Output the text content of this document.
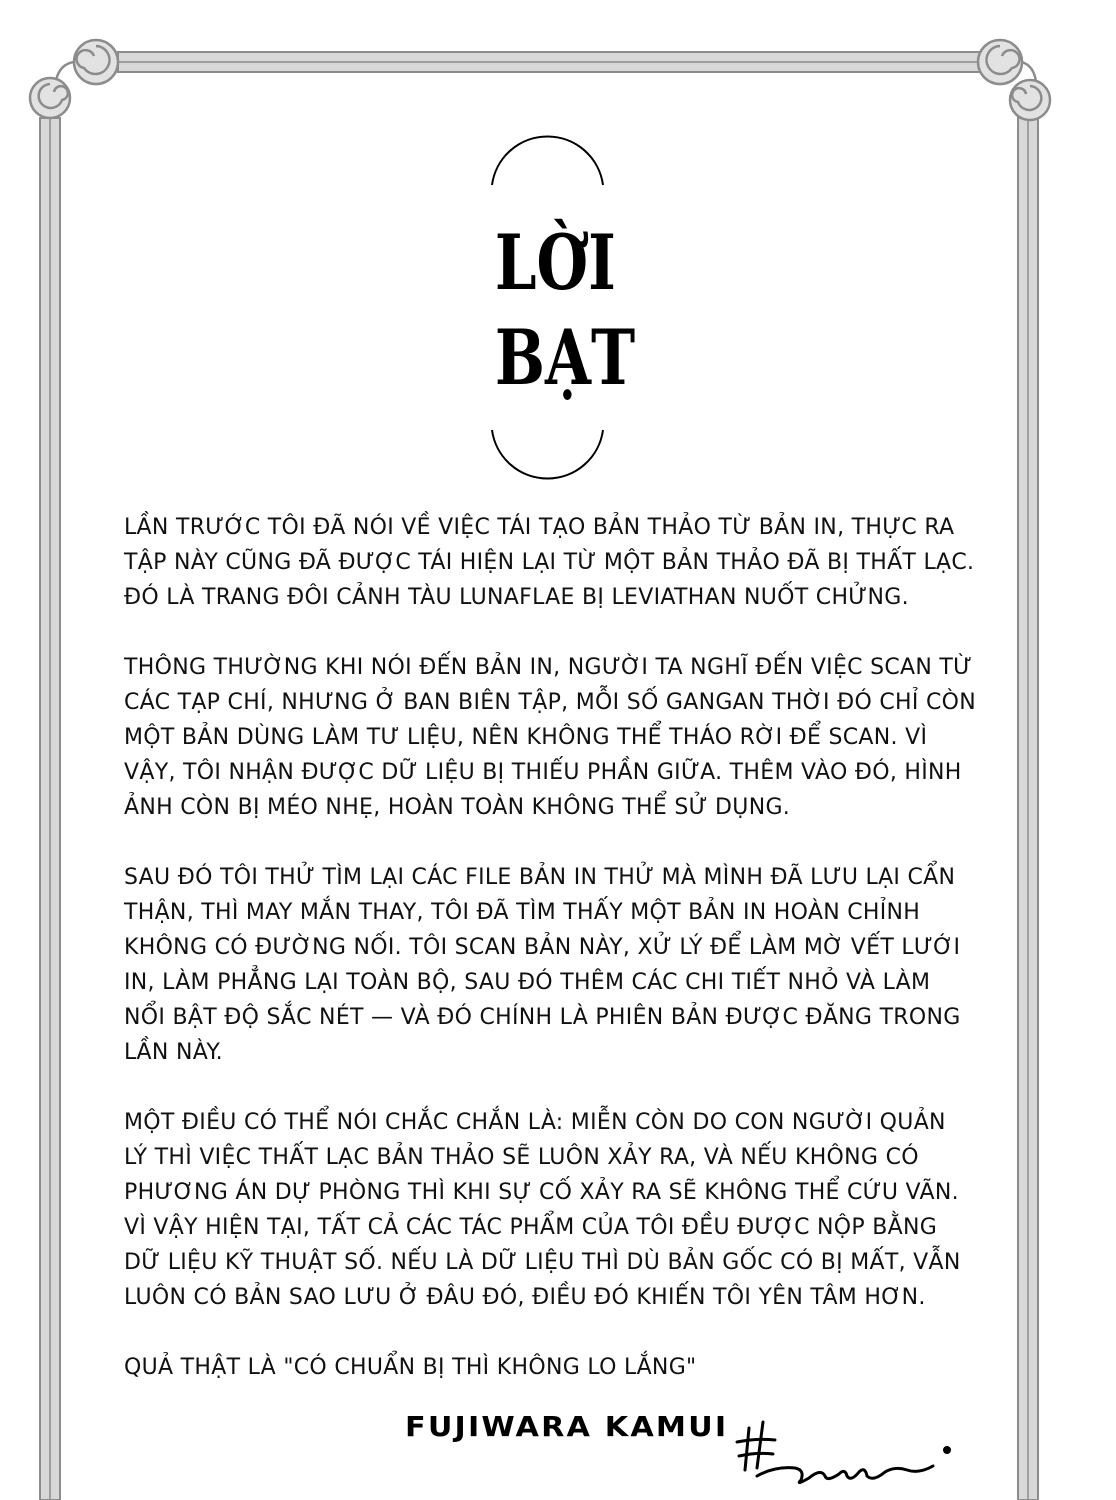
LỜI
BẠT
LẦN TRƯỚC TÔI ĐÃ NÓI VỀ VIỆC TÁI TẠO BẢN THẢO TỪ BẢN IN, THỰC RA
TẬP NÀY CŨNG ĐÃ ĐƯỢC TÁI HIỆN LẠI TỪ MỘT BẢN THẢO ĐÃ BỊ THẤT LẠC.
ĐÓ LÀ TRANG ĐÔI CẢNH TÀU LUNAFLAE BỊ LEVIATHAN NUỐT CHỬNG.
THÔNG THƯỜNG KHI NÓI ĐẾN BẢN IN, NGƯỜI TA NGHĨ ĐẾN VIỆC SCAN TỪ
CÁC TẠP CHÍ, NHƯNG Ở BAN BIÊN TẬP, MỖI SỐ GANGAN THỜI ĐÓ CHỈ CÒN
MỘT BẢN DÙNG LÀM TƯ LIỆU, NÊN KHÔNG THỂ THÁO RỜI ĐỂ SCAN. VÌ
VẬY, TÔI NHẬN ĐƯỢC DỮ LIỆU BỊ THIẾU PHẦN GIỮA. THÊM VÀO ĐÓ, HÌNH
ẢNH CÒN BỊ MÉO NHẸ, HOÀN TOÀN KHÔNG THỂ SỬ DỤNG.
SAU ĐÓ TÔI THỬ TÌM LẠI CÁC FILE BẢN IN THỬ MÀ MÌNH ĐÃ LƯU LẠI CẨN
THẬN, THÌ MAY MẮN THAY, TÔI ĐÃ TÌM THẤY MỘT BẢN IN HOÀN CHỈNH
KHÔNG CÓ ĐƯỜNG NỐI. TÔI SCAN BẢN NÀY, XỬ LÝ ĐỂ LÀM MỜ VẾT LƯỚI
IN, LÀM PHẲNG LẠI TOÀN BỘ, SAU ĐÓ THÊM CÁC CHI TIẾT NHỎ VÀ LÀM
NỔI BẬT ĐỘ SẮC NÉT — VÀ ĐÓ CHÍNH LÀ PHIÊN BẢN ĐƯỢC ĐĂNG TRONG
LẦN NÀY.
MỘT ĐIỀU CÓ THỂ NÓI CHẮC CHẮN LÀ: MIỄN CÒN DO CON NGƯỜI QUẢN
LÝ THÌ VIỆC THẤT LẠC BẢN THẢO SẼ LUÔN XẢY RA, VÀ NẾU KHÔNG CÓ
PHƯƠNG ÁN DỰ PHÒNG THÌ KHI SỰ CỐ XẢY RA SẼ KHÔNG THỂ CỨU VÃN.
VÌ VẬY HIỆN TẠI, TẤT CẢ CÁC TÁC PHẨM CỦA TÔI ĐỀU ĐƯỢC NỘP BẰNG
DỮ LIỆU KỸ THUẬT SỐ. NẾU LÀ DỮ LIỆU THÌ DÙ BẢN GỐC CÓ BỊ MẤT, VẪN
LUÔN CÓ BẢN SAO LƯU Ở ĐÂU ĐÓ, ĐIỀU ĐÓ KHIẾN TÔI YÊN TÂM HƠN.
QUẢ THẬT LÀ "CÓ CHUẨN BỊ THÌ KHÔNG LO LẮNG"
FUJIWARA KAMUI
